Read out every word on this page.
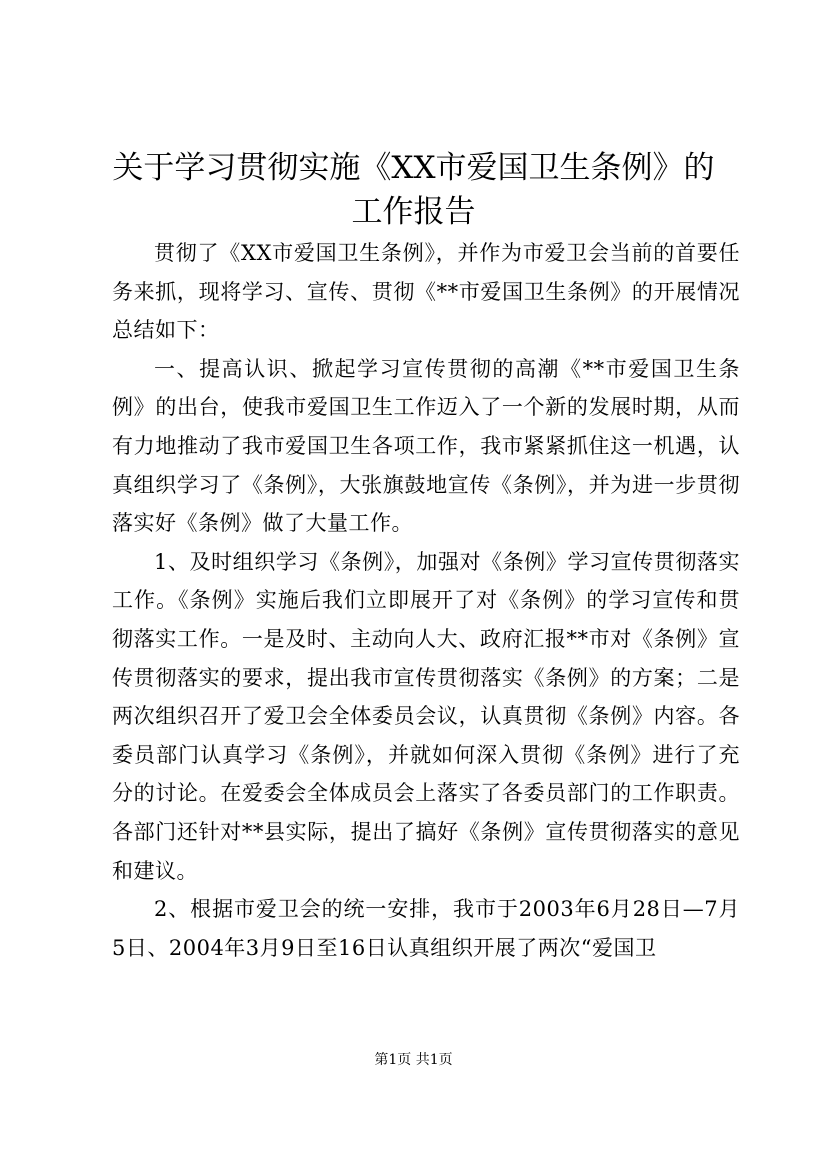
关于学习贯彻实施《XX市爱国卫生条例》的
工作报告

贯彻了《XX市爱国卫生条例》，并作为市爱卫会当前的首要任务来抓，现将学习、宣传、贯彻《**市爱国卫生条例》的开展情况总结如下：

一、提高认识、掀起学习宣传贯彻的高潮《**市爱国卫生条例》的出台，使我市爱国卫生工作迈入了一个新的发展时期，从而有力地推动了我市爱国卫生各项工作，我市紧紧抓住这一机遇，认真组织学习了《条例》，大张旗鼓地宣传《条例》，并为进一步贯彻落实好《条例》做了大量工作。

1、及时组织学习《条例》，加强对《条例》学习宣传贯彻落实工作。《条例》实施后我们立即展开了对《条例》的学习宣传和贯彻落实工作。一是及时、主动向人大、政府汇报**市对《条例》宣传贯彻落实的要求，提出我市宣传贯彻落实《条例》的方案；二是两次组织召开了爱卫会全体委员会议，认真贯彻《条例》内容。各委员部门认真学习《条例》，并就如何深入贯彻《条例》进行了充分的讨论。在爱委会全体成员会上落实了各委员部门的工作职责。各部门还针对**县实际，提出了搞好《条例》宣传贯彻落实的意见和建议。

2、根据市爱卫会的统一安排，我市于2003年6月28日—7月5日、2004年3月9日至16日认真组织开展了两次“爱国卫

第1页 共1页
